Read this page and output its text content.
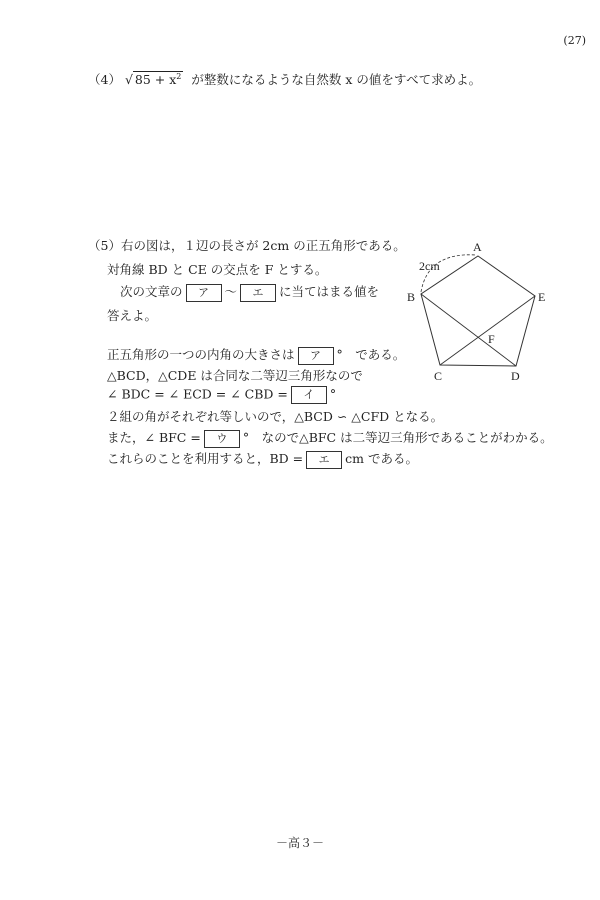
(27)
（4） √ $85 + x^2$ が整数になるような自然数 x の値をすべて求めよ。
（5）右の図は，１辺の長さが 2cm の正五角形である。
対角線 BD と CE の交点を F とする。
次の文章の ア ～ エ に当てはまる値を
答えよ。
正五角形の一つの内角の大きさは ア °　である。
△BCD，△CDE は合同な二等辺三角形なので
∠ BDC = ∠ ECD = ∠ CBD = イ °
２組の角がそれぞれ等しいので，△BCD ∽ △CFD となる。
また，∠ BFC = ウ °　なので△BFC は二等辺三角形であることがわかる。
これらのことを利用すると，BD = エ cm である。
A
B
C	D
E
F
2cm
－高３－
